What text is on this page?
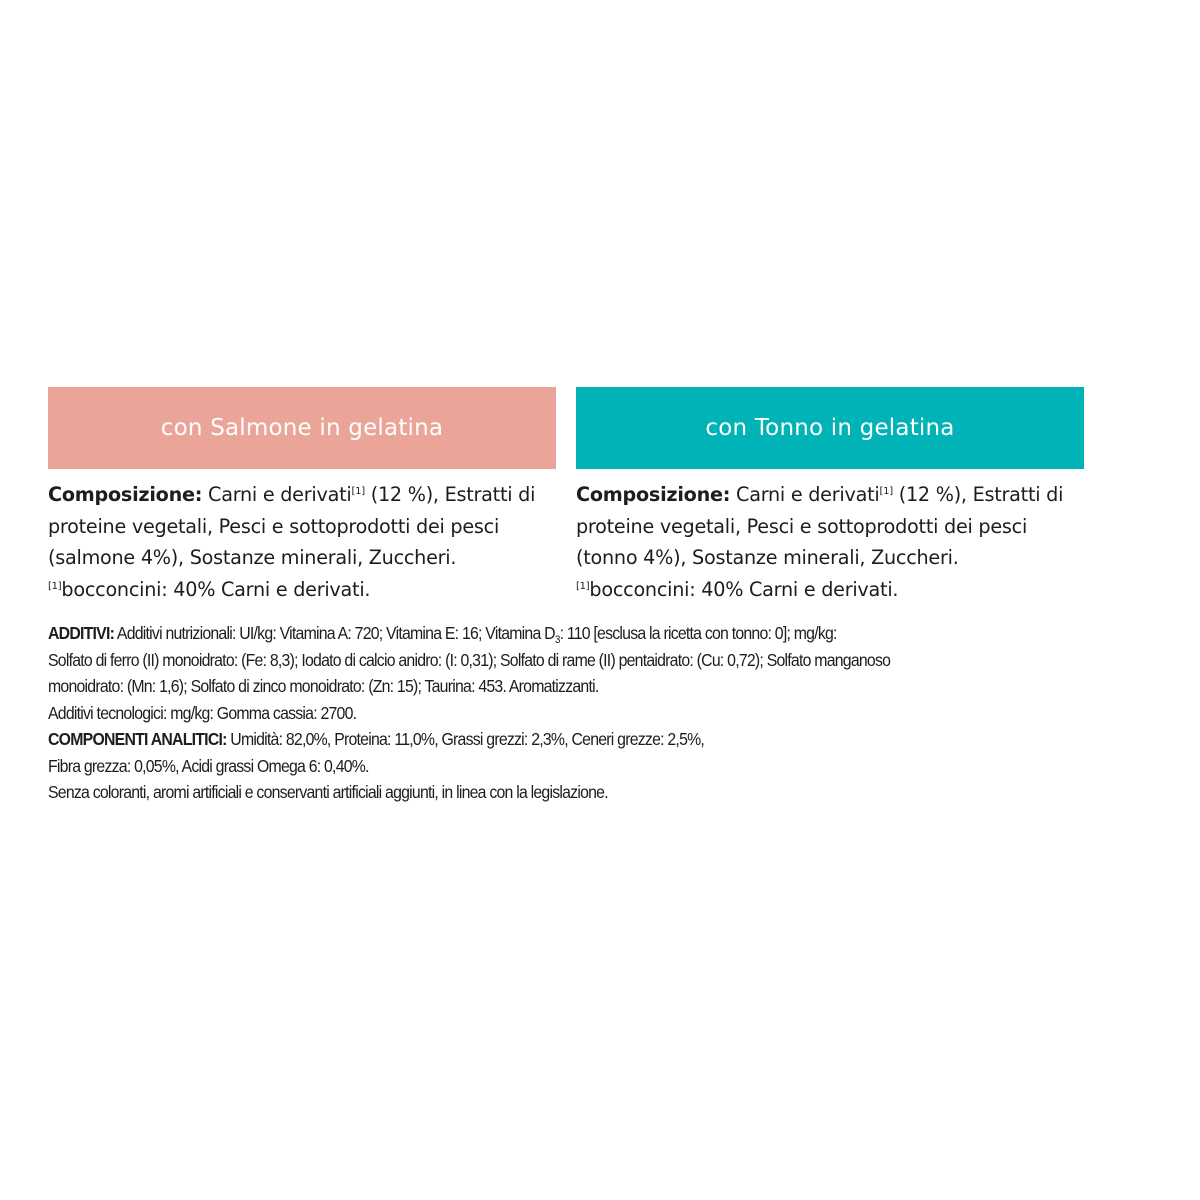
con Salmone in gelatina
Composizione: Carni e derivati[1] (12 %), Estratti di
proteine vegetali, Pesci e sottoprodotti dei pesci
(salmone 4%), Sostanze minerali, Zuccheri.
[1]bocconcini: 40% Carni e derivati.
con Tonno in gelatina
Composizione: Carni e derivati[1] (12 %), Estratti di
proteine vegetali, Pesci e sottoprodotti dei pesci
(tonno 4%), Sostanze minerali, Zuccheri.
[1]bocconcini: 40% Carni e derivati.
ADDITIVI: Additivi nutrizionali: UI/kg: Vitamina A: 720; Vitamina E: 16; Vitamina $D_3$: 110 [esclusa la ricetta con tonno: 0]; mg/kg:
Solfato di ferro (II) monoidrato: (Fe: 8,3); Iodato di calcio anidro: (I: 0,31); Solfato di rame (II) pentaidrato: (Cu: 0,72); Solfato manganoso
monoidrato: (Mn: 1,6); Solfato di zinco monoidrato: (Zn: 15); Taurina: 453. Aromatizzanti.
Additivi tecnologici: mg/kg: Gomma cassia: 2700.
COMPONENTI ANALITICI: Umidità: 82,0%, Proteina: 11,0%, Grassi grezzi: 2,3%, Ceneri grezze: 2,5%,
Fibra grezza: 0,05%, Acidi grassi Omega 6: 0,40%.
Senza coloranti, aromi artificiali e conservanti artificiali aggiunti, in linea con la legislazione.
